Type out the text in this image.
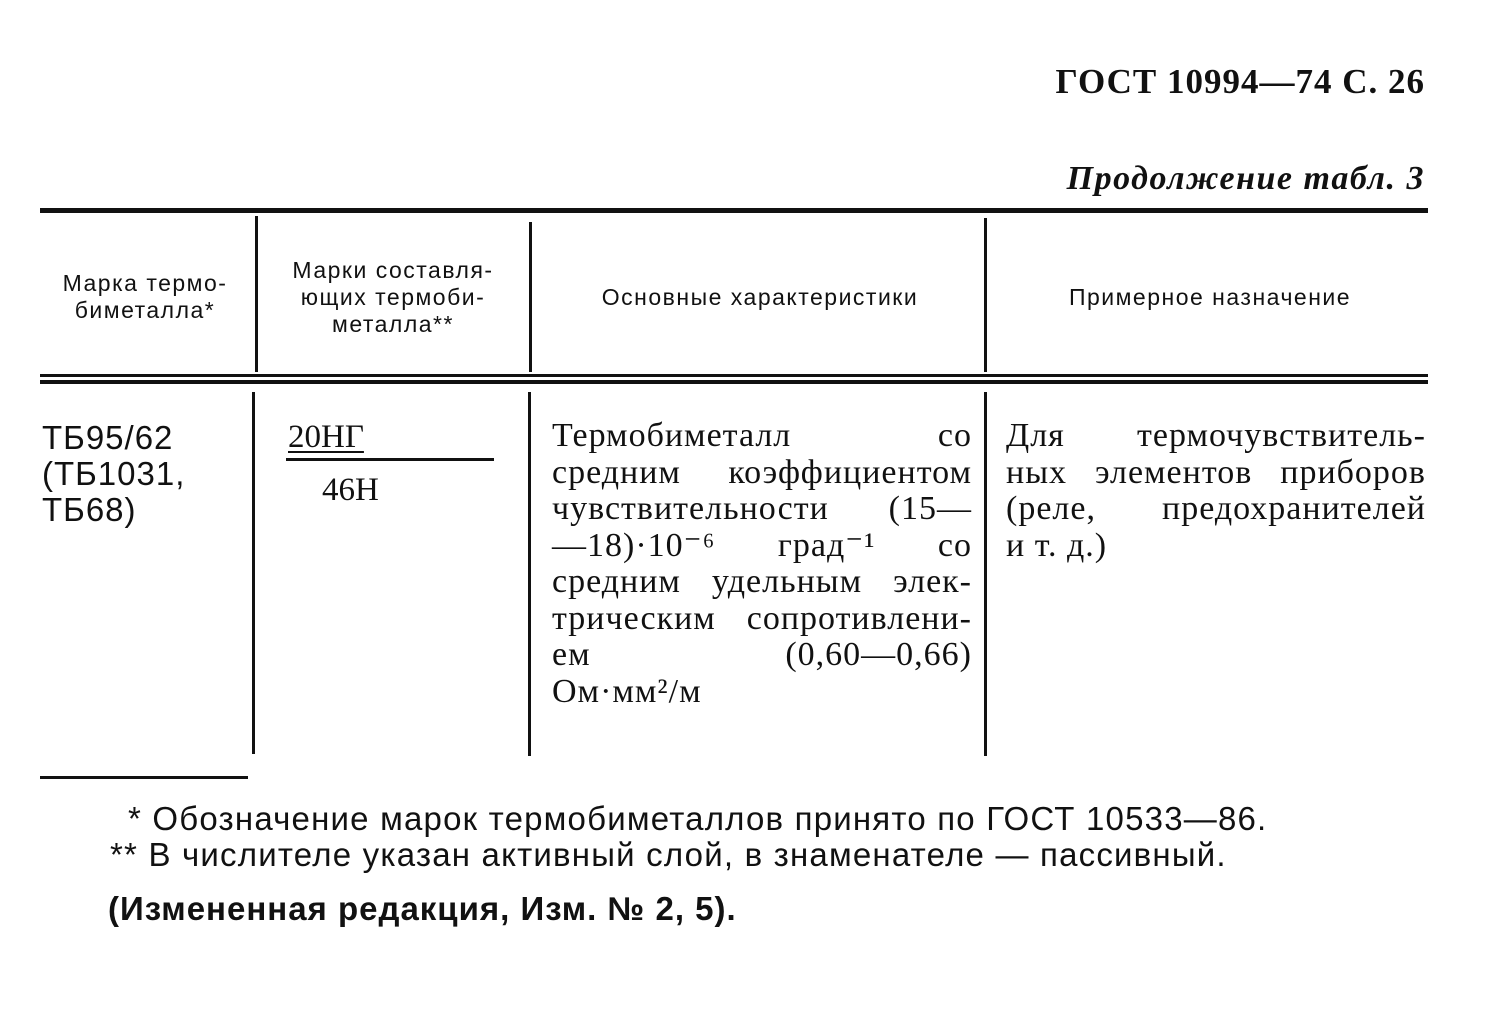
ГОСТ 10994—74 С. 26
Продолжение табл. 3
Марка термо- биметалла*
Марки составля- ющих термоби- металла**
Основные характеристики	Примерное назначение
ТБ95/62
(ТБ1031,
ТБ68)
20НГ
46Н
Термобиметалл со
средним коэффициентом
чувствительности (15—
—18)·10⁻⁶ град⁻¹ со
средним удельным элек-
трическим сопротивлени-
ем (0,60—0,66)
Ом·мм²/м
Для термочувствитель-
ных элементов приборов
(реле, предохранителей
и т. д.)
* Обозначение марок термобиметаллов принято по ГОСТ 10533—86.
** В числителе указан активный слой, в знаменателе — пассивный.
(Измененная редакция, Изм. № 2, 5).
